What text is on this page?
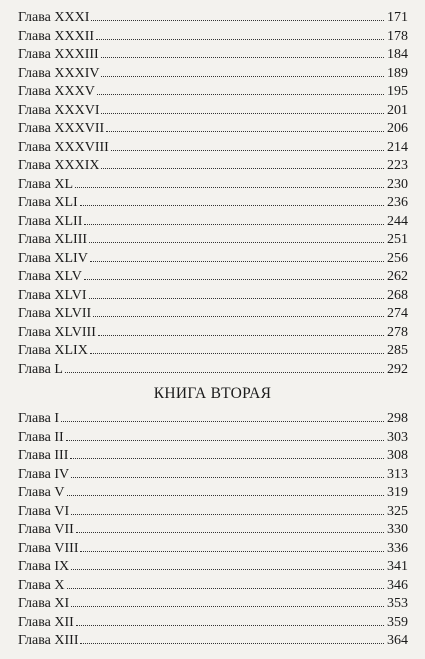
Глава XXXI	171
Глава XXXII	178
Глава XXXIII	184
Глава XXXIV	189
Глава XXXV	195
Глава XXXVI	201
Глава XXXVII	206
Глава XXXVIII	214
Глава XXXIX	223
Глава XL	230
Глава XLI	236
Глава XLII	244
Глава XLIII	251
Глава XLIV	256
Глава XLV	262
Глава XLVI	268
Глава XLVII	274
Глава XLVIII	278
Глава XLIX	285
Глава L	292
КНИГА ВТОРАЯ
Глава I	298
Глава II	303
Глава III	308
Глава IV	313
Глава V	319
Глава VI	325
Глава VII	330
Глава VIII	336
Глава IX	341
Глава X	346
Глава XI	353
Глава XII	359
Глава XIII	364
